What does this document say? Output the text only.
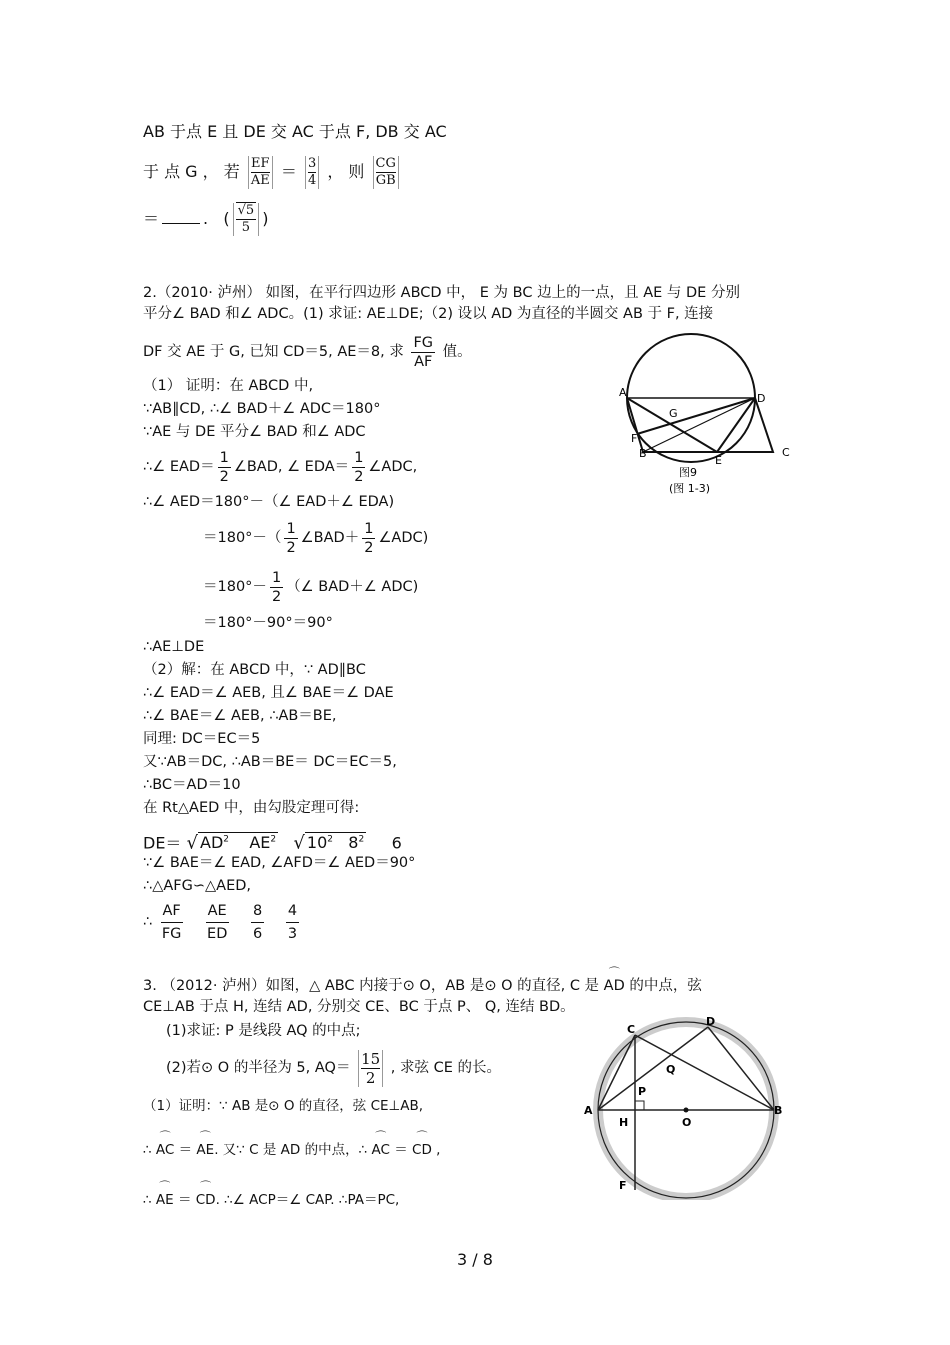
AB 于点 E 且 DE 交 AC 于点 F, DB 交 AC
于 点 G ， 若 $\frac{EF}{AE} = \frac{3}{4}$ ， 则 $\frac{CG}{GB}$
＝	. ( $\frac{√5}{5}$ )
2.（2010· 泸州） 如图，在平行四边形 ABCD 中， E 为 BC 边上的一点，且 AE 与 DE 分别
平分∠ BAD 和∠ ADC。(1) 求证: AE⊥DE;（2) 设以 AD 为直径的半圆交 AB 于 F, 连接
DF 交 AE 于 G, 已知 CD＝5, AE＝8, 求 $\frac{FG}{AF}$ 值。
（1） 证明：在 ABCD 中,
∵AB∥CD, ∴∠ BAD＋∠ ADC＝180°
∵AE 与 DE 平分∠ BAD 和∠ ADC
∴∠ $EAD= \frac{1}{2}$ ∠BAD, ∠ $EDA= \frac{1}{2}$ ∠ADC,
∴∠ AED＝180°－（∠ EAD＋∠ EDA)
$=180^\circ-( \frac{1}{2}$ ∠BAD＋ $\frac{1}{2}$ ∠ADC)
$=180^\circ- \frac{1}{2}$ （∠ BAD＋∠ ADC)
＝180°－90°＝90°
∴AE⊥DE
（2）解：在 ABCD 中，∵ AD∥BC
∴∠ EAD＝∠ AEB, 且∠ BAE＝∠ DAE
∴∠ BAE＝∠ AEB, ∴AB＝BE,
同理: DC＝EC＝5
又∵AB＝DC, ∴AB＝BE＝ DC＝EC＝5,
∴BC＝AD＝10
在 Rt△AED 中，由勾股定理可得:
DE＝ √ $AD^2$ $AE^2$ √ $10^2$ $8^2$ 6
∵∠ BAE＝∠ EAD, ∠AFD＝∠ AED＝90°
∴△AFG∽△AED,
∴ $\frac{AF}{FG}$
$\frac{AE}{ED}$
$\frac{8}{6}$
$\frac{4}{3}$
A	D
G
F
B
E
C
图9
(图 1-3)
3. （2012· 泸州）如图，△ ABC 内接于⊙ O，AB 是⊙ O 的直径, C 是 ⌒ AD 的中点，弦
CE⊥AB 于点 H, 连结 AD, 分别交 CE、BC 于点 P、 Q, 连结 BD。
(1)求证: P 是线段 AQ 的中点;
(2)若⊙ O 的半径为 5, $AQ= \frac{15}{2}$ , 求弦 CE 的长。
（1）证明：∵ AB 是⊙ O 的直径，弦 CE⊥AB,
∴ ⌒ AC ＝ ⌒ AE. 又∵ C 是 AD 的中点，∴ ⌒ AC ＝ ⌒ CD ,
∴ ⌒ AE ＝ ⌒ CD. ∴∠ ACP＝∠ CAP. ∴PA＝PC,
A	B
C
D
F
H	O
P
Q
3 / 8
